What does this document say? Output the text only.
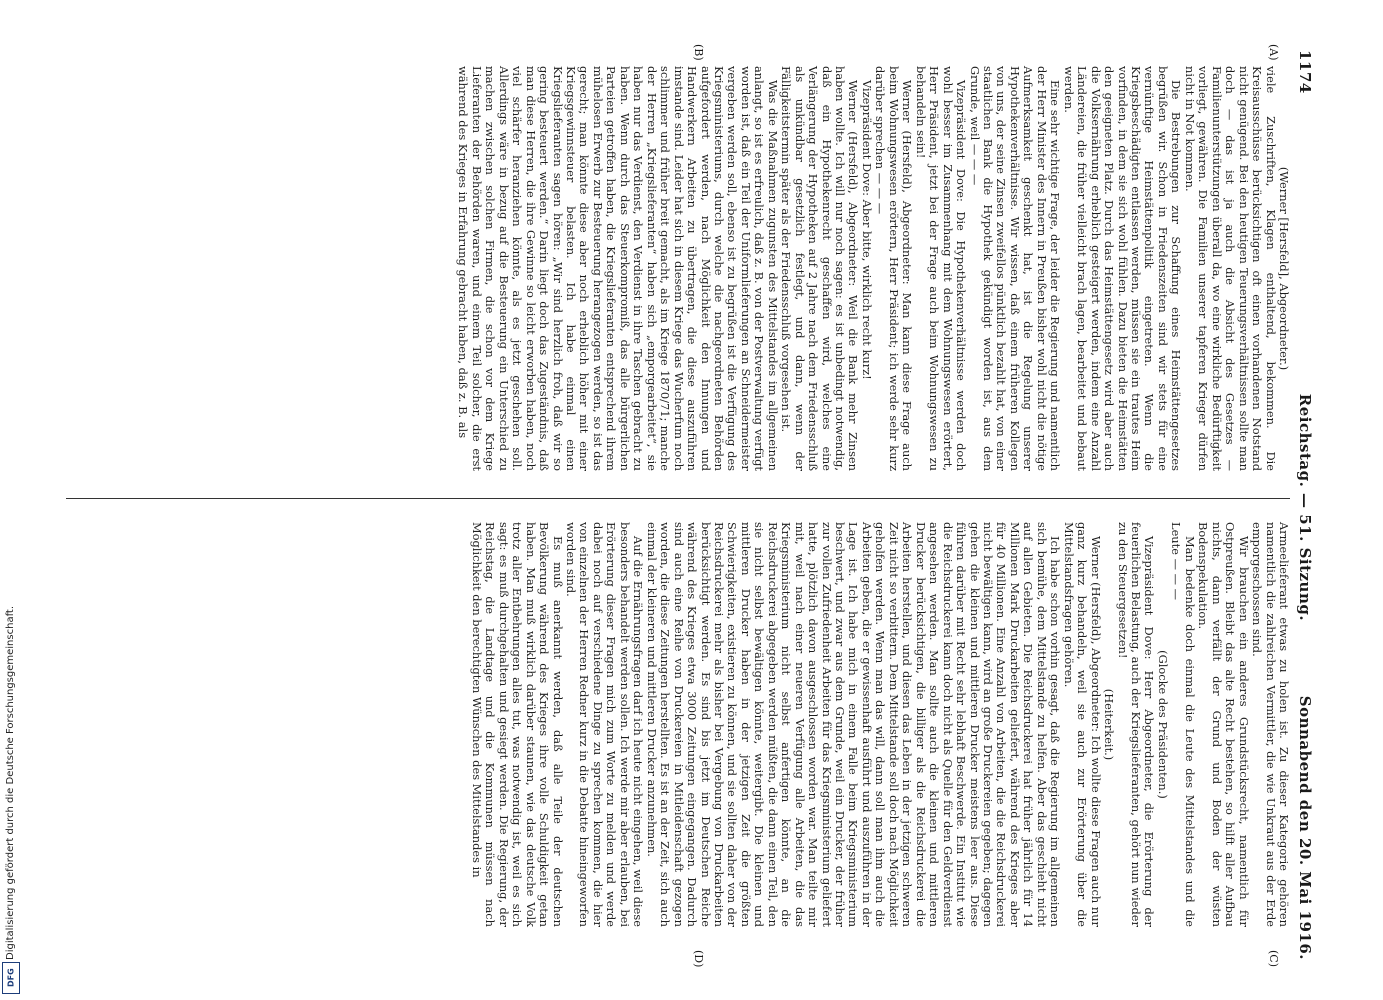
Digitalisierung gefördert durch die Deutsche Forschungsgemeinschaft.
DFG
1174
Reichstag. — 51. Sitzung.
Sonnabend den 20. Mai 1916.
(A)
(B)
(C)
(D)

(Werner [Hersfeld], Abgeordneter.)

viele Zuschriften, Klagen enthaltend, bekommen. Die Kreisausschüsse berücksichtigen oft einen vorhandenen Notstand nicht genügend. Bei den heutigen Teuerungsverhältnissen sollte man doch — das ist ja auch die Absicht des Gesetzes — Familienunterstützungen überall da, wo eine wirkliche Bedürftigkeit vorliegt, gewähren. Die Familien unserer tapferen Krieger dürfen nicht in Not kommen.

Die Bestrebungen zur Schaffung eines Heimstättengesetzes begrüßen wir. Schon in Friedenszeiten sind wir stets für eine vernünftige Heimstättenpolitik eingetreten. Wenn die Kriegsbeschädigten entlassen werden, müssen sie ein trautes Heim vorfinden, in dem sie sich wohl fühlen. Dazu bieten die Heimstätten den geeigneten Platz. Durch das Heimstättengesetz wird aber auch die Volksernährung erheblich gesteigert werden, indem eine Anzahl Ländereien, die früher vielleicht brach lagen, bearbeitet und bebaut werden.

Eine sehr wichtige Frage, der leider die Regierung und namentlich der Herr Minister des Innern in Preußen bisher wohl nicht die nötige Aufmerksamkeit geschenkt hat, ist die Regelung unserer Hypothekenverhältnisse. Wir wissen, daß einem früheren Kollegen von uns, der seine Zinsen zweifellos pünktlich bezahlt hat, von einer staatlichen Bank die Hypothek gekündigt worden ist, aus dem Grunde, weil — — —

Vizepräsident Dove: Die Hypothekenverhältnisse werden doch wohl besser im Zusammenhang mit dem Wohnungswesen erörtert, Herr Präsident, jetzt bei der Frage auch beim Wohnungswesen zu behandeln sein!

Werner (Hersfeld), Abgeordneter: Man kann diese Frage auch beim Wohnungswesen erörtern, Herr Präsident; ich werde sehr kurz darüber sprechen — — —

Vizepräsident Dove: Aber bitte, wirklich recht kurz!

Werner (Hersfeld), Abgeordneter: Weil die Bank mehr Zinsen haben wollte. Ich will nur noch sagen: es ist unbedingt notwendig, daß ein Hypothekenrecht geschaffen wird, welches eine Verlängerung der Hypotheken auf 2 Jahre nach dem Friedensschluß als unkündbar gesetzlich festlegt, und dann, wenn der Fälligkeitstermin später als der Friedensschluß vorgesehen ist.

Was die Maßnahmen zugunsten des Mittelstandes im allgemeinen anlangt, so ist es erfreulich, daß z. B. von der Postverwaltung verfügt worden ist, daß ein Teil der Uniformlieferungen an Schneidermeister vergeben werden soll, ebenso ist zu begrüßen ist die Verfügung des Kriegsministeriums, durch welche die nachgeordneten Behörden aufgefordert werden, nach Möglichkeit den Innungen und Handwerkern Arbeiten zu übertragen, die diese auszuführen imstande sind. Leider hat sich in diesem Kriege das Wucherfum noch schlimmer und früher breit gemacht, als im Kriege 1870/71; manche der Herren „Kriegslieferanten“ haben sich „emporgearbeitet“, sie haben nur das Verdienst, den Verdienst in ihre Taschen gebracht zu haben. Wenn durch das Steuerkompromiß, das alle bürgerlichen Parteien getroffen haben, die Kriegslieferanten entsprechend ihrem mühelosen Erwerb zur Besteuerung herangezogen werden, so ist das gerecht; man könnte diese aber noch erheblich höher mit einer Kriegsgewinnsteuer belasten. Ich habe einmal einen Kriegslieferanten sagen hören: „Wir sind herzlich froh, daß wir so gering besteuert werden.“ Darin liegt doch das Zugeständnis, daß man diese Herren, die ihre Gewinne so leicht erworben haben, noch viel schärfer heranziehen könnte, als es jetzt geschehen soll. Allerdings wäre in bezug auf die Besteuerung ein Unterschied zu machen zwischen solchen Firmen, die schon vor dem Kriege Lieferanten der Behörden waren, und einem Teil solcher, die erst während des Krieges in Erfahrung gebracht haben, daß z. B. als

Armeelieferant etwas zu holen ist. Zu dieser Kategorie gehören namentlich die zahlreichen Vermittler, die wie Unkraut aus der Erde emporgeschossen sind.

Wir brauchen ein anderes Grundstücksrecht, namentlich für Ostpreußen. Bleibt das alte Recht bestehen, so hilft aller Aufbau nichts, dann verfällt der Grund und Boden der wüsten Bodenspekulation.

Man bedenke doch einmal die Leute des Mittelstandes und die Leute — — —

(Glocke des Präsidenten.)

Vizepräsident Dove: Herr Abgeordneter, die Erörterung der feuerlichen Belastung, auch der Kriegslieferanten, gehört nun wieder zu den Steuergesetzen!

(Heiterkeit.)

Werner (Hersfeld), Abgeordneter: Ich wollte diese Fragen auch nur ganz kurz behandeln, weil sie auch zur Erörterung über die Mittelstandsfragen gehören.

Ich habe schon vorhin gesagt, daß die Regierung im allgemeinen sich bemühe, dem Mittelstande zu helfen. Aber das geschieht nicht auf allen Gebieten. Die Reichsdruckerei hat früher jährlich für 14 Millionen Mark Druckarbeiten geliefert, während des Krieges aber für 40 Millionen. Eine Anzahl von Arbeiten, die die Reichsdruckerei nicht bewältigen kann, wird an große Druckereien gegeben; dagegen gehen die kleinen und mittleren Drucker meistens leer aus. Diese führen darüber mit Recht sehr lebhaft Beschwerde. Ein Institut wie die Reichsdruckerei kann doch nicht als Quelle für den Geldverdienst angesehen werden. Man sollte auch die kleinen und mittleren Drucker berücksichtigen, die billiger als die Reichsdruckerei die Arbeiten herstellen, und diesen das Leben in der jetzigen schweren Zeit nicht so verbittern. Dem Mittelstande soll doch nach Möglichkeit geholfen werden. Wenn man das will, dann soll man ihm auch die Arbeiten geben, die er gewissenhaft ausführt und auszuführen in der Lage ist. Ich habe mich in einem Falle beim Kriegsministerium beschwert, und zwar aus dem Grunde, weil ein Drucker, der früher zur vollen Zufriedenheit Arbeiten für das Kriegsministerium geliefert hatte, plötzlich davon ausgeschlossen worden war. Man teilte mir mit, weil nach einer neueren Verfügung alle Arbeiten, die das Kriegsministerium nicht selbst anfertigen könnte, an die Reichsdruckerei abgegeben werden müßten, die dann einen Teil, den sie nicht selbst bewältigen könnte, weitergibt. Die kleinen und mittleren Drucker haben in der jetzigen Zeit die größten Schwierigkeiten, existieren zu können, und sie sollten daher von der Reichsdruckerei mehr als bisher bei Vergebung von Druckarbeiten berücksichtigt werden. Es sind bis jetzt im Deutschen Reiche während des Krieges etwa 3000 Zeitungen eingegangen. Dadurch sind auch eine Reihe von Druckereien in Mitleidenschaft gezogen worden, die diese Zeitungen herstellten. Es ist an der Zeit, sich auch einmal der kleineren und mittleren Drucker anzunehmen.

Auf die Ernährungsfragen darf ich heute nicht eingehen, weil diese besonders behandelt werden sollen. Ich werde mir aber erlauben, bei Erörterung dieser Fragen mich zum Worte zu melden und werde dabei noch auf verschiedene Dinge zu sprechen kommen, die hier von einzelnen der Herren Redner kurz in die Debatte hineingeworfen worden sind.

Es muß anerkannt werden, daß alle Teile der deutschen Bevölkerung während des Krieges ihre volle Schuldigkeit getan haben. Man muß wirklich darüber staunen, wie das deutsche Volk trotz aller Entbehrungen alles tut, was notwendig ist, weil es sich sagt: es muß durchgehalten und gesiegt werden. Die Regierung, der Reichstag, die Landtage und die Kommunen müssen nach Möglichkeit den berechtigten Wünschen des Mittelstandes in
